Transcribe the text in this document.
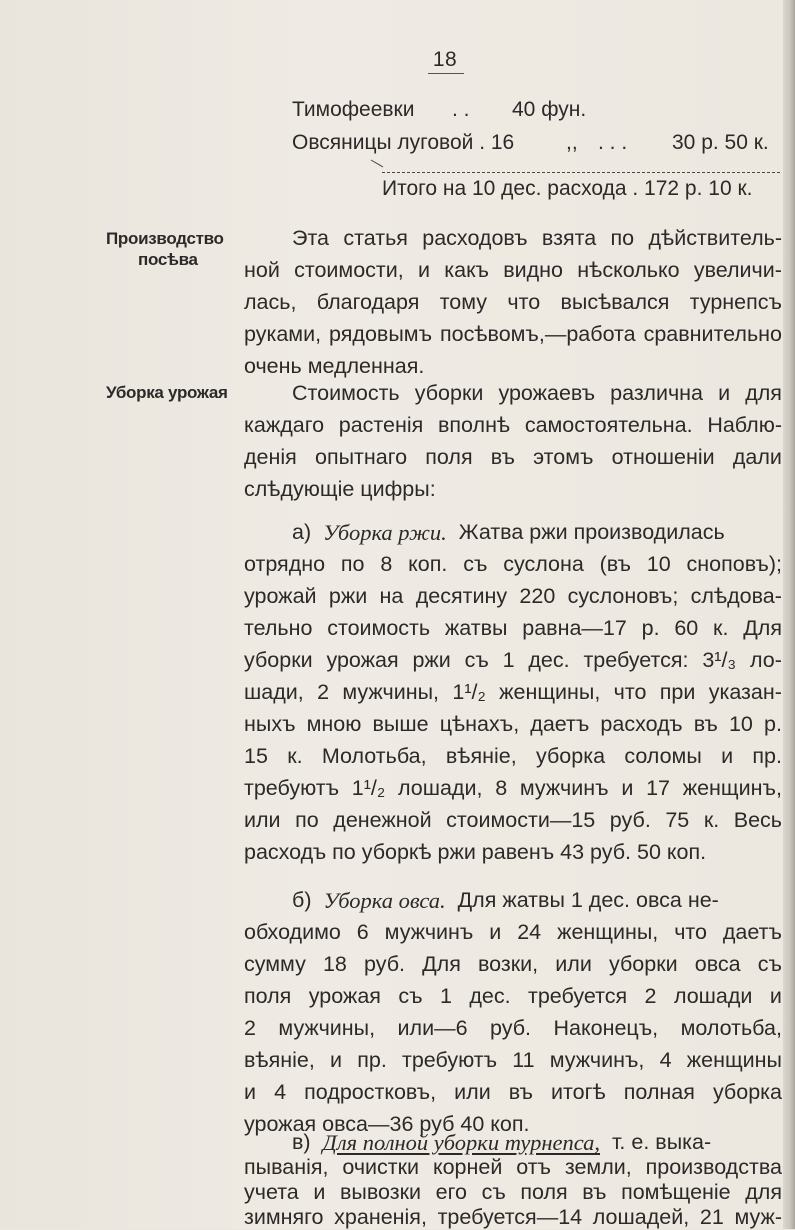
18
Тимофеевки . . 40 фун.
Овсяницы луговой . 16 ,, . . . 30 р. 50 к.
Итого на 10 дес. расхода . 172 р. 10 к.
Производство
посѣва
Уборка урожая
Эта статья расходовъ взята по дѣйствитель-
ной стоимости, и какъ видно нѣсколько увеличи-
лась, благодаря тому что высѣвался турнепсъ
руками, рядовымъ посѣвомъ,—работа сравнительно
очень медленная.
Стоимость уборки урожаевъ различна и для
каждаго растенія вполнѣ самостоятельна. Наблю-
денія опытнаго поля въ этомъ отношеніи дали
слѣдующіе цифры:
а)
Уборка ржи.
Жатва ржи производилась
отрядно по 8 коп. съ суслона (въ 10 сноповъ);
урожай ржи на десятину 220 суслоновъ; слѣдова-
тельно стоимость жатвы равна—17 р. 60 к. Для
уборки урожая ржи съ 1 дес. требуется: 3¹/₃ ло-
шади, 2 мужчины, 1¹/₂ женщины, что при указан-
ныхъ мною выше цѣнахъ, даетъ расходъ въ 10 р.
15 к. Молотьба, вѣяніе, уборка соломы и пр.
требуютъ 1¹/₂ лошади, 8 мужчинъ и 17 женщинъ,
или по денежной стоимости—15 руб. 75 к. Весь
расходъ по уборкѣ ржи равенъ 43 руб. 50 коп.
б)
Уборка овса.
Для жатвы 1 дес. овса не-
обходимо 6 мужчинъ и 24 женщины, что даетъ
сумму 18 руб. Для возки, или уборки овса съ
поля урожая съ 1 дес. требуется 2 лошади и
2 мужчины, или—6 руб. Наконецъ, молотьба,
вѣяніе, и пр. требуютъ 11 мужчинъ, 4 женщины
и 4 подростковъ, или въ итогѣ полная уборка
урожая овса—36 руб 40 коп.
в)
Для полной уборки турнепса,
т. е. выка-
пыванія, очистки корней отъ земли, производства
учета и вывозки его съ поля въ помѣщеніе для
зимняго храненія, требуется—14 лошадей, 21 муж-
